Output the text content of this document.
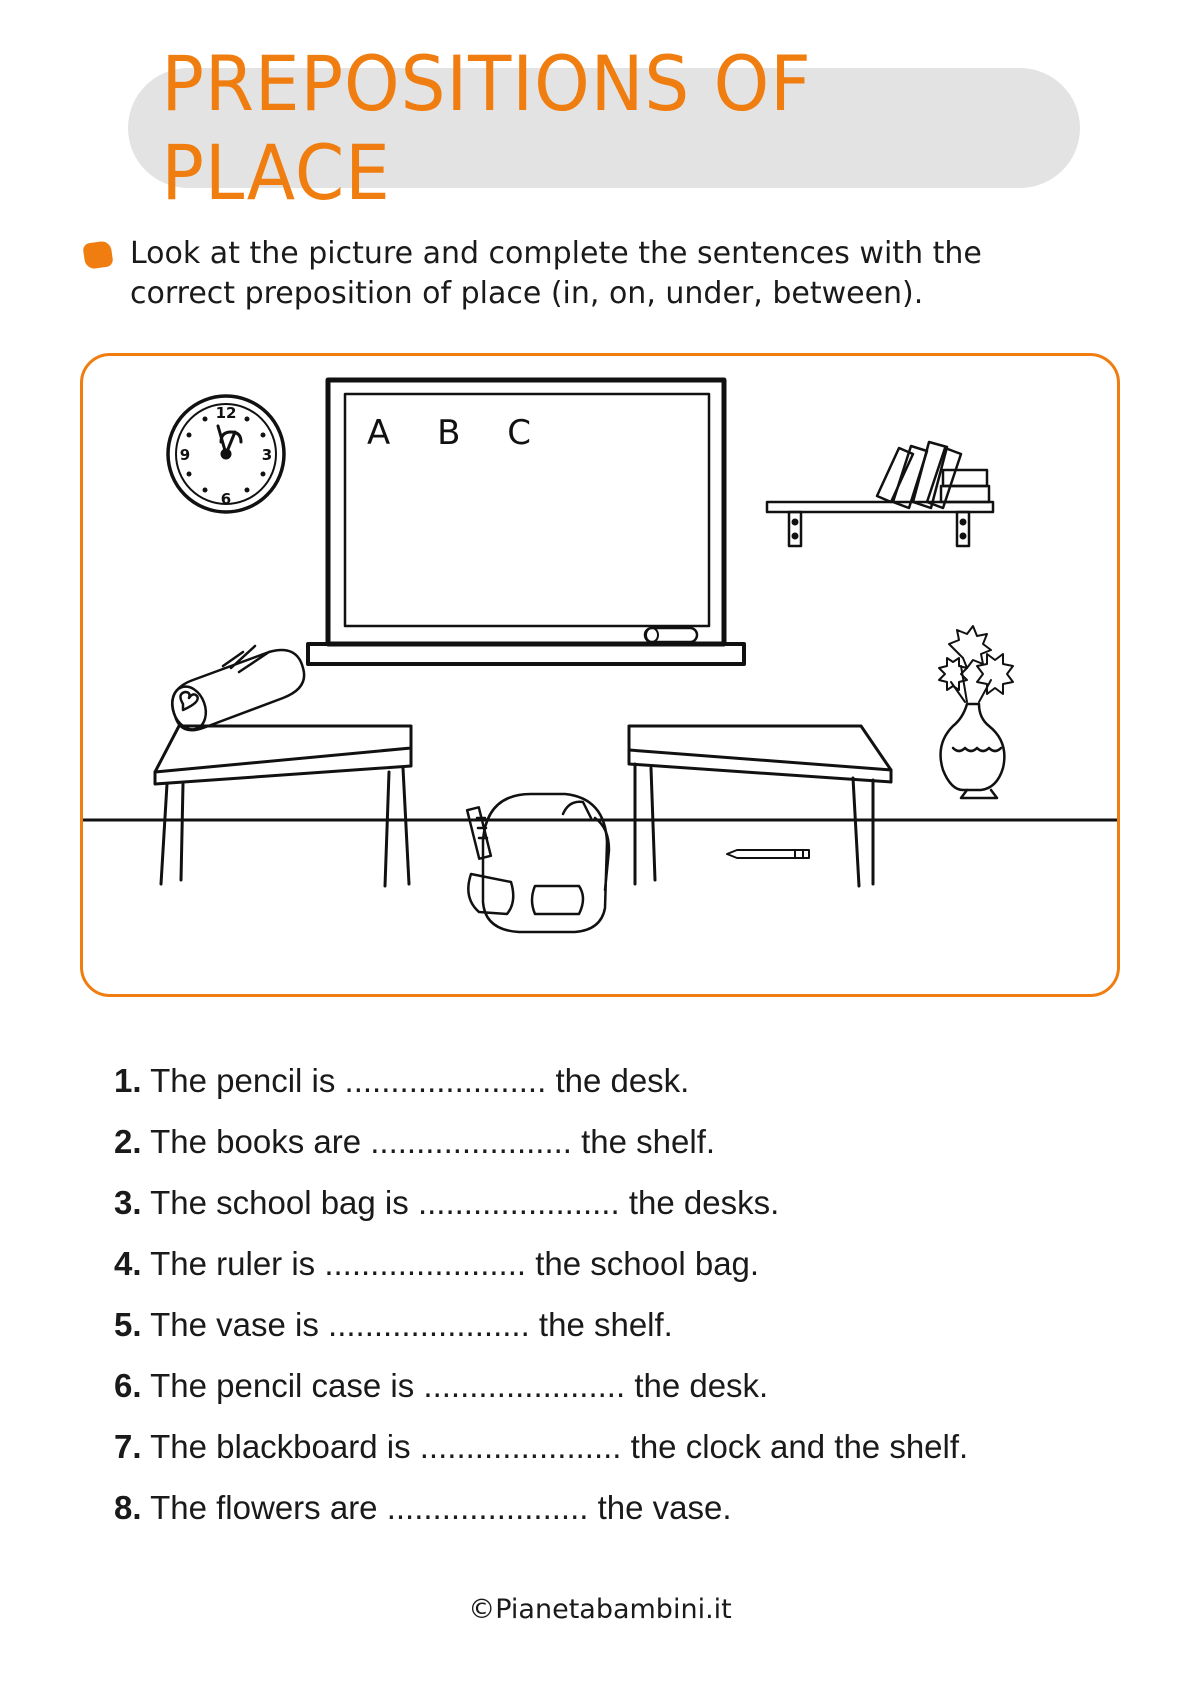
PREPOSITIONS OF PLACE
Look at the picture and complete the sentences with the
correct preposition of place (in, on, under, between).
12
3
6
9
A B C
1. The pencil is ...................... the desk.
2. The books are ...................... the shelf.
3. The school bag is ...................... the desks.
4. The ruler is ...................... the school bag.
5. The vase is ...................... the shelf.
6. The pencil case is ...................... the desk.
7. The blackboard is ...................... the clock and the shelf.
8. The flowers are ...................... the vase.
©Pianetabambini.it
